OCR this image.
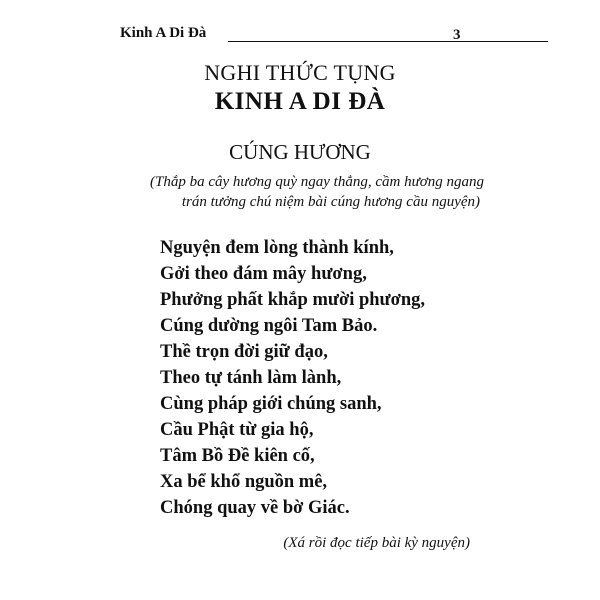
Kinh A Di Đà	3
NGHI THỨC TỤNG
KINH A DI ĐÀ
CÚNG HƯƠNG
(Thắp ba cây hương quỳ ngay thẳng, cầm hương ngang
trán tưởng chú niệm bài cúng hương cầu nguyện)
Nguyện đem lòng thành kính,
Gởi theo đám mây hương,
Phưởng phất khắp mười phương,
Cúng dường ngôi Tam Bảo.
Thề trọn đời giữ đạo,
Theo tự tánh làm lành,
Cùng pháp giới chúng sanh,
Cầu Phật từ gia hộ,
Tâm Bồ Đề kiên cố,
Xa bể khổ nguồn mê,
Chóng quay về bờ Giác.
(Xá rồi đọc tiếp bài kỳ nguyện)
